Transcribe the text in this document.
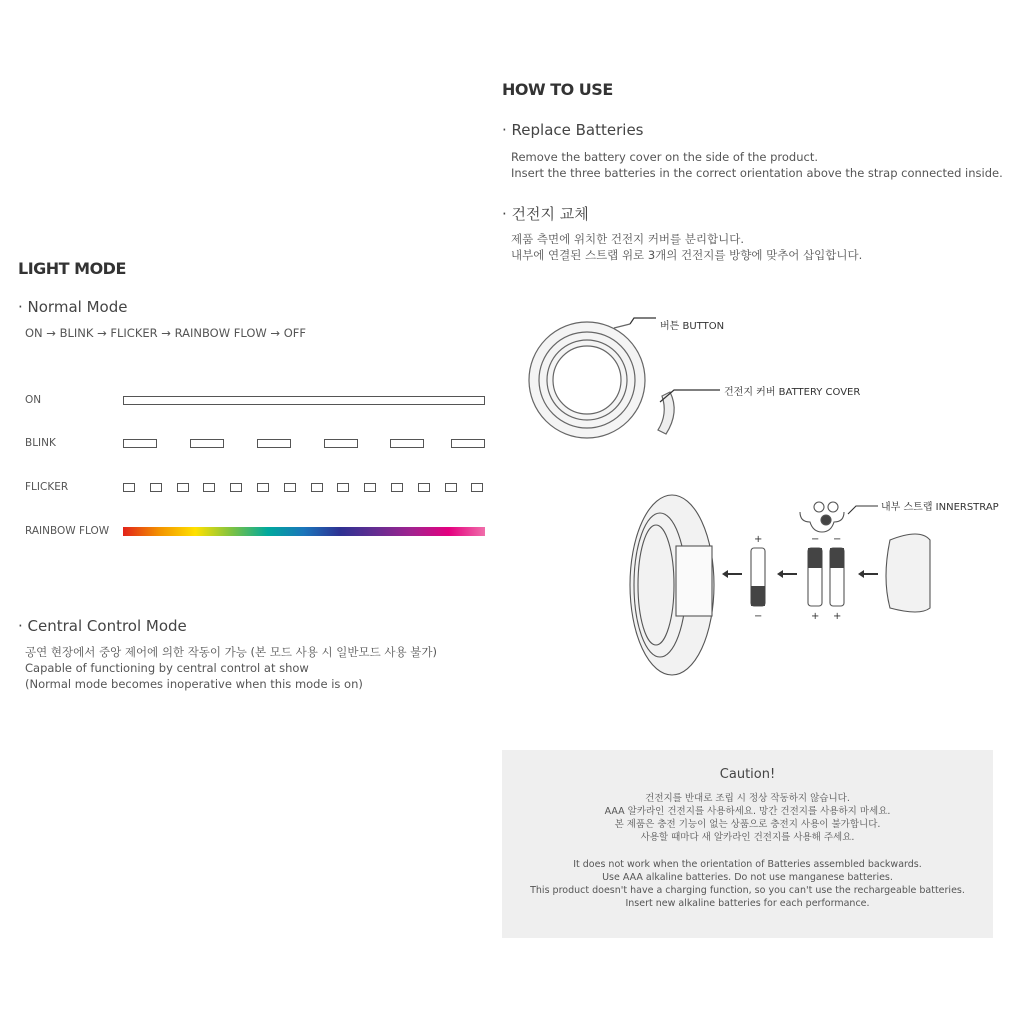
LIGHT MODE
· Normal Mode
ON → BLINK → FLICKER → RAINBOW FLOW → OFF
ON
BLINK
FLICKER
RAINBOW FLOW
· Central Control Mode
공연 현장에서 중앙 제어에 의한 작동이 가능 (본 모드 사용 시 일반모드 사용 불가)
Capable of functioning by central control at show
(Normal mode becomes inoperative when this mode is on)
HOW TO USE
· Replace Batteries
Remove the battery cover on the side of the product.
Insert the three batteries in the correct orientation above the strap connected inside.
· 건전지 교체
제품 측면에 위치한 건전지 커버를 분리합니다.
내부에 연결된 스트랩 위로 3개의 건전지를 방향에 맞추어 삽입합니다.
버튼 BUTTON
건전지 커버 BATTERY COVER
+
−
− −
+ +
내부 스트랩 INNERSTRAP
Caution!
건전지를 반대로 조립 시 정상 작동하지 않습니다.
AAA 알카라인 건전지를 사용하세요. 망간 건전지를 사용하지 마세요.
본 제품은 충전 기능이 없는 상품으로 충전지 사용이 불가합니다.
사용할 때마다 새 알카라인 건전지를 사용해 주세요.
It does not work when the orientation of Batteries assembled backwards.
Use AAA alkaline batteries. Do not use manganese batteries.
This product doesn't have a charging function, so you can't use the rechargeable batteries.
Insert new alkaline batteries for each performance.
